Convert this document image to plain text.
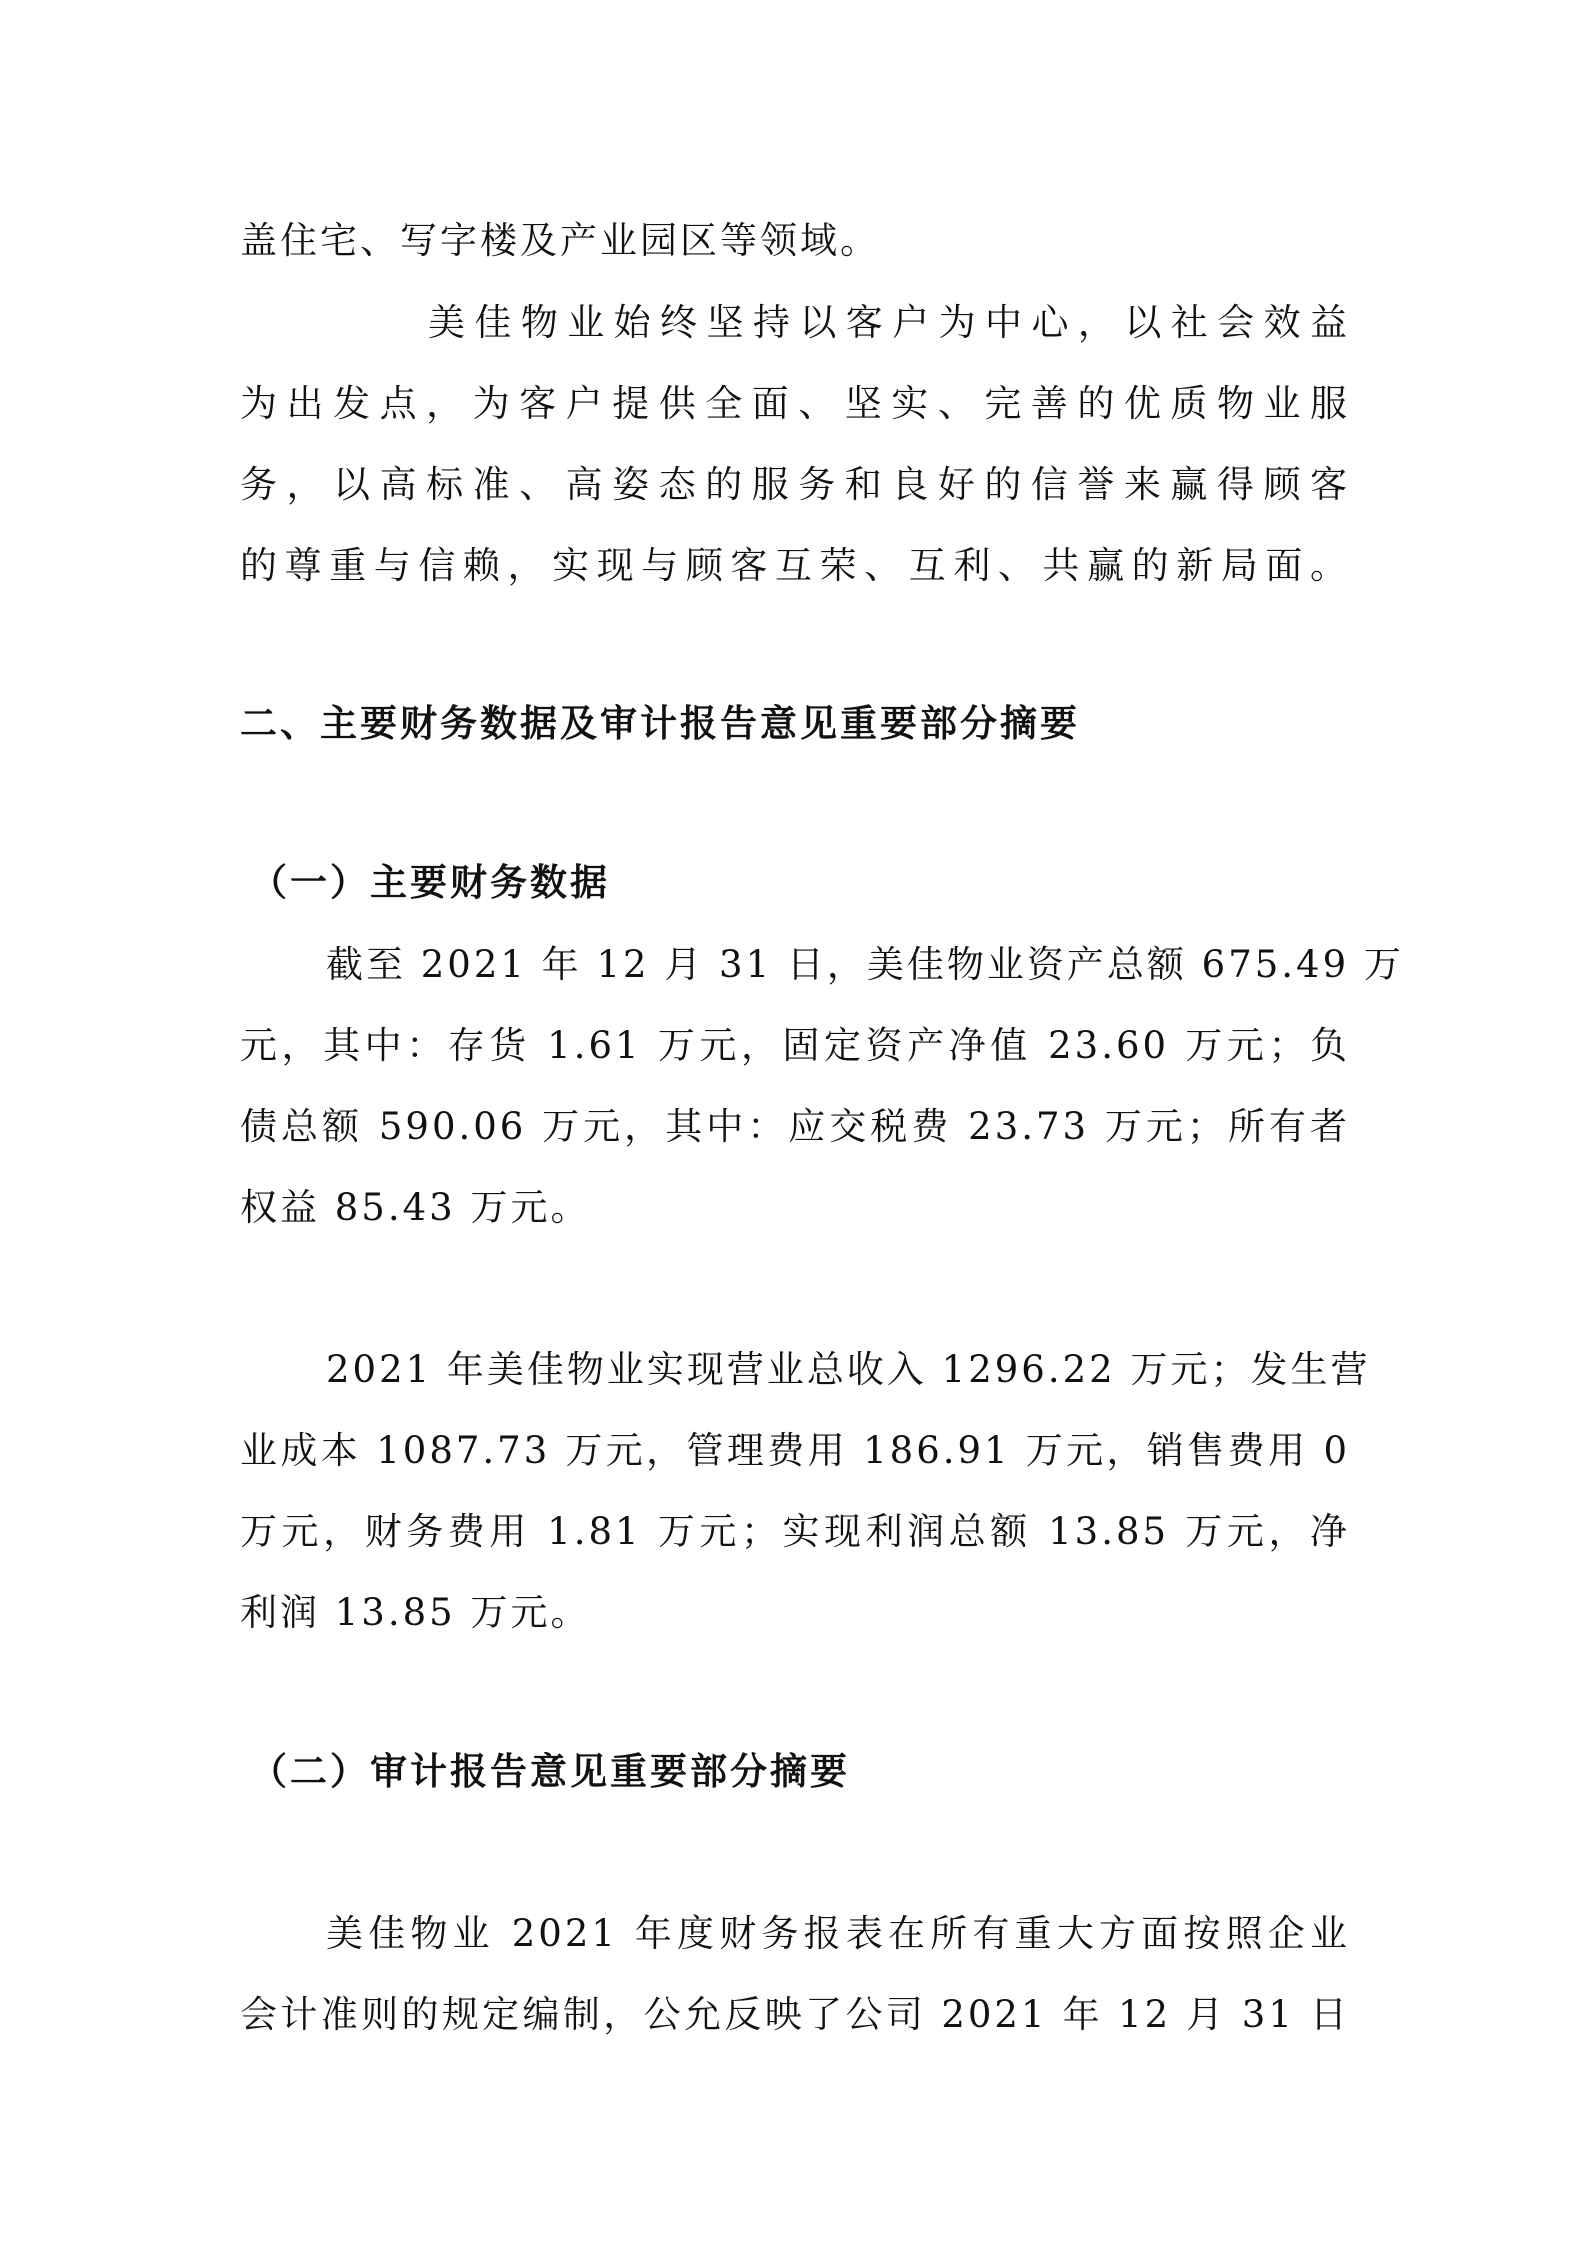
盖住宅、写字楼及产业园区等领域。
美佳物业始终坚持以客户为中心，以社会效益
为出发点，为客户提供全面、坚实、完善的优质物业服
务，以高标准、高姿态的服务和良好的信誉来赢得顾客
的尊重与信赖，实现与顾客互荣、互利、共赢的新局面。
二、主要财务数据及审计报告意见重要部分摘要
（一）主要财务数据
截至 2021 年 12 月 31 日，美佳物业资产总额 675.49 万
元，其中：存货 1.61 万元，固定资产净值 23.60 万元；负
债总额 590.06 万元，其中：应交税费 23.73 万元；所有者
权益 85.43 万元。
2021 年美佳物业实现营业总收入 1296.22 万元；发生营
业成本 1087.73 万元，管理费用 186.91 万元，销售费用 0
万元，财务费用 1.81 万元；实现利润总额 13.85 万元，净
利润 13.85 万元。
（二）审计报告意见重要部分摘要
美佳物业 2021 年度财务报表在所有重大方面按照企业
会计准则的规定编制，公允反映了公司 2021 年 12 月 31 日
